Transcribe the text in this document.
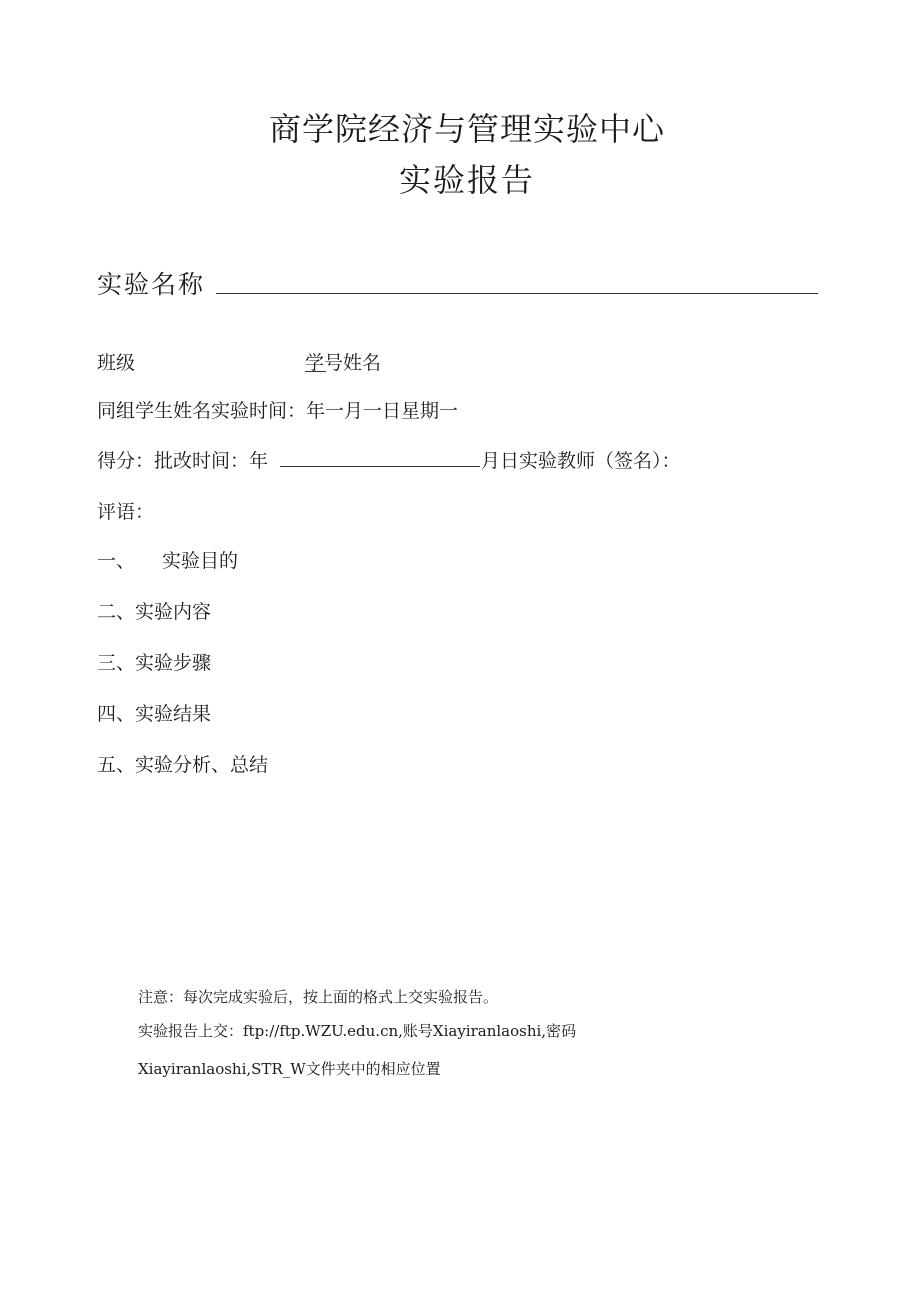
商学院经济与管理实验中心
实验报告
实验名称
班级	学号姓名
同组学生姓名实验时间：年一月一日星期一
得分：批改时间：年	月日实验教师（签名）：
评语：
一、 实验目的
二、实验内容
三、实验步骤
四、实验结果
五、实验分析、总结
注意：每次完成实验后，按上面的格式上交实验报告。
实验报告上交：ftp://ftp.WZU.edu.cn,账号Xiayiranlaoshi,密码
Xiayiranlaoshi,STR_W文件夹中的相应位置
